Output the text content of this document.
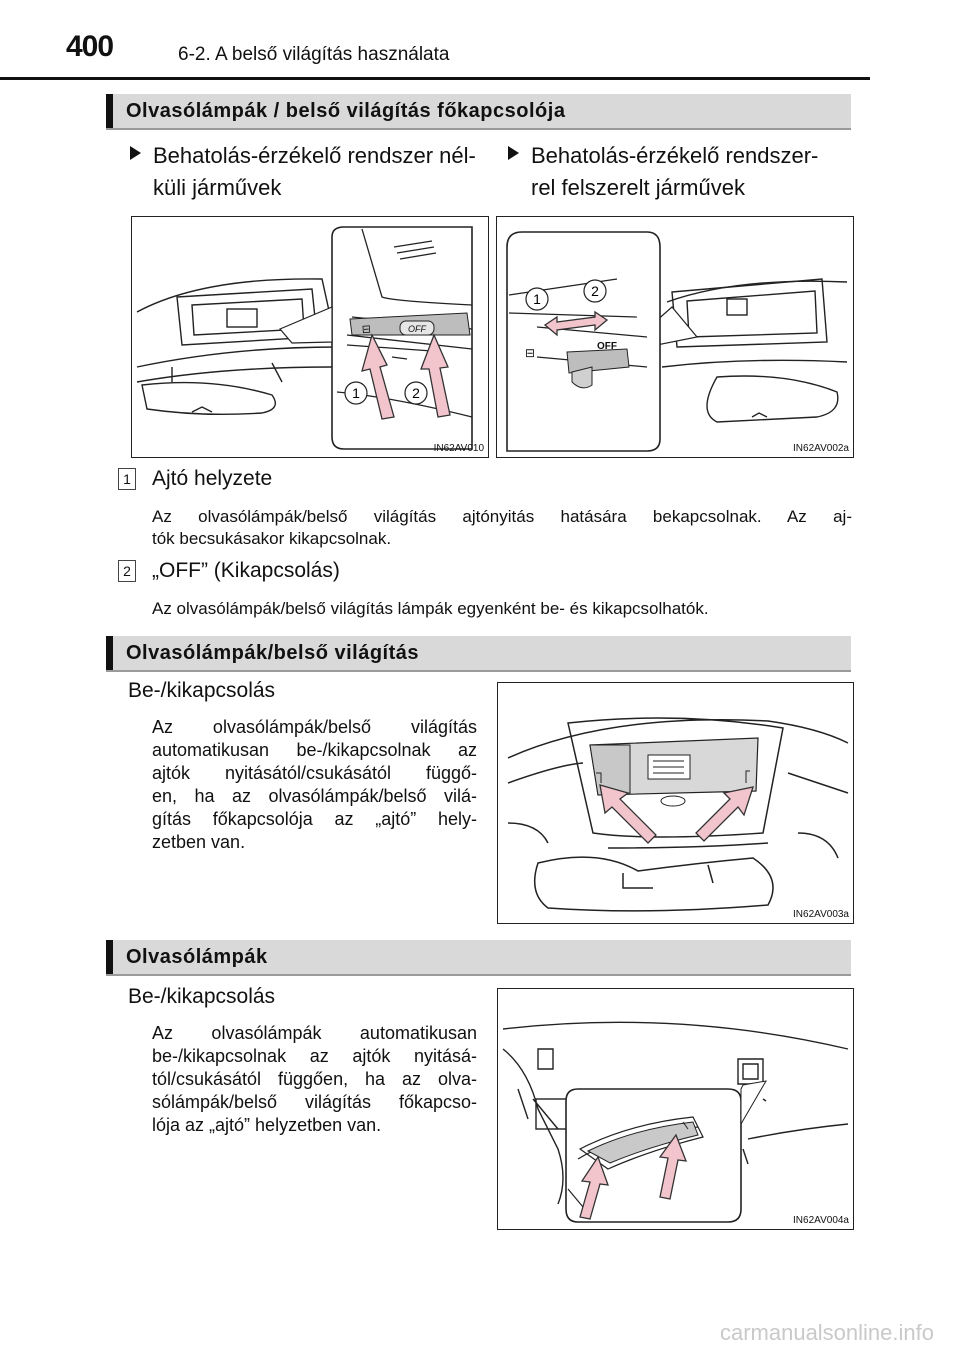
400	6-2. A belső világítás használata
Olvasólámpák / belső világítás főkapcsolója
Behatolás-érzékelő rendszer nél-
küli járművek
Behatolás-érzékelő rendszer-
rel felszerelt járművek
⊟	OFF
1	2
IN62AV010
⊟	OFF
1	2
IN62AV002a
1 Ajtó helyzete
Az olvasólámpák/belső világítás ajtónyitás hatására bekapcsolnak. Az aj-
tók becsukásakor kikapcsolnak.
2 „OFF” (Kikapcsolás)
Az olvasólámpák/belső világítás lámpák egyenként be- és kikapcsolhatók.
Olvasólámpák/belső világítás
Be-/kikapcsolás
Az olvasólámpák/belső világítás
automatikusan be-/kikapcsolnak az
ajtók nyitásától/csukásától függő-
en, ha az olvasólámpák/belső vilá-
gítás főkapcsolója az „ajtó” hely-
zetben van.
IN62AV003a
Olvasólámpák
Be-/kikapcsolás
Az olvasólámpák automatikusan
be-/kikapcsolnak az ajtók nyitásá-
tól/csukásától függően, ha az olva-
sólámpák/belső világítás főkapcso-
lója az „ajtó” helyzetben van.
IN62AV004a
carmanualsonline.info
